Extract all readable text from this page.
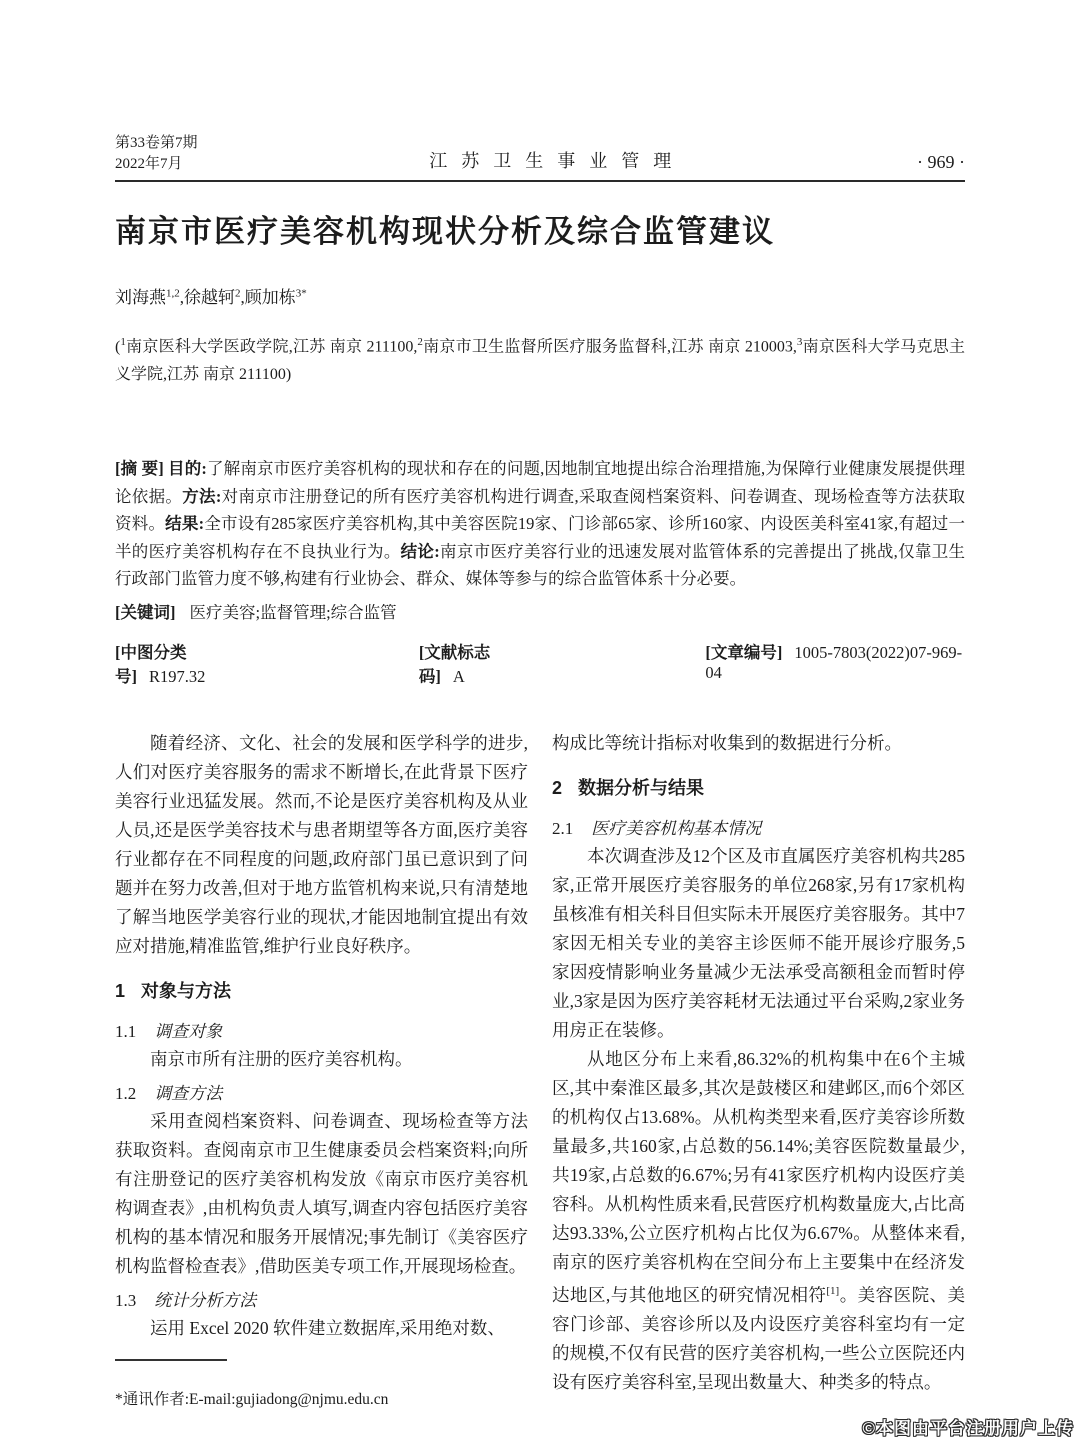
第33卷第7期
2022年7月	江苏卫生事业管理	· 969 ·
南京市医疗美容机构现状分析及综合监管建议
刘海燕$^{1,2}$,徐越轲$^2$,顾加栋$^{3*}$
($^1$南京医科大学医政学院,江苏 南京 211100,$^2$南京市卫生监督所医疗服务监督科,江苏 南京 210003,$^3$南京医科大学马克思主义学院,江苏 南京 211100)
[摘 要] 目的:了解南京市医疗美容机构的现状和存在的问题,因地制宜地提出综合治理措施,为保障行业健康发展提供理论依据。方法:对南京市注册登记的所有医疗美容机构进行调查,采取查阅档案资料、问卷调查、现场检查等方法获取资料。结果:全市设有285家医疗美容机构,其中美容医院19家、门诊部65家、诊所160家、内设医美科室41家,有超过一半的医疗美容机构存在不良执业行为。结论:南京市医疗美容行业的迅速发展对监管体系的完善提出了挑战,仅靠卫生行政部门监管力度不够,构建有行业协会、群众、媒体等参与的综合监管体系十分必要。
[关键词] 医疗美容;监督管理;综合监管
[中图分类号] R197.32
[文献标志码] A
[文章编号] 1005-7803(2022)07-969-04

随着经济、文化、社会的发展和医学科学的进步,人们对医疗美容服务的需求不断增长,在此背景下医疗美容行业迅猛发展。然而,不论是医疗美容机构及从业人员,还是医学美容技术与患者期望等各方面,医疗美容行业都存在不同程度的问题,政府部门虽已意识到了问题并在努力改善,但对于地方监管机构来说,只有清楚地了解当地医学美容行业的现状,才能因地制宜提出有效应对措施,精准监管,维护行业良好秩序。

1 对象与方法
1.1 调查对象

南京市所有注册的医疗美容机构。

1.2 调查方法

采用查阅档案资料、问卷调查、现场检查等方法获取资料。查阅南京市卫生健康委员会档案资料;向所有注册登记的医疗美容机构发放《南京市医疗美容机构调查表》,由机构负责人填写,调查内容包括医疗美容机构的基本情况和服务开展情况;事先制订《美容医疗机构监督检查表》,借助医美专项工作,开展现场检查。

1.3 统计分析方法

运用 Excel 2020 软件建立数据库,采用绝对数、

*通讯作者:E-mail:gujiadong@njmu.edu.cn

构成比等统计指标对收集到的数据进行分析。

2 数据分析与结果
2.1 医疗美容机构基本情况

本次调查涉及12个区及市直属医疗美容机构共285家,正常开展医疗美容服务的单位268家,另有17家机构虽核准有相关科目但实际未开展医疗美容服务。其中7家因无相关专业的美容主诊医师不能开展诊疗服务,5家因疫情影响业务量减少无法承受高额租金而暂时停业,3家是因为医疗美容耗材无法通过平台采购,2家业务用房正在装修。

从地区分布上来看,86.32%的机构集中在6个主城区,其中秦淮区最多,其次是鼓楼区和建邺区,而6个郊区的机构仅占13.68%。从机构类型来看,医疗美容诊所数量最多,共160家,占总数的56.14%;美容医院数量最少,共19家,占总数的6.67%;另有41家医疗机构内设医疗美容科。从机构性质来看,民营医疗机构数量庞大,占比高达93.33%,公立医疗机构占比仅为6.67%。从整体来看,南京的医疗美容机构在空间分布上主要集中在经济发达地区,与其他地区的研究情况相符[1]。美容医院、美容门诊部、美容诊所以及内设医疗美容科室均有一定的规模,不仅有民营的医疗美容机构,一些公立医院还内设有医疗美容科室,呈现出数量大、种类多的特点。

©本图由平台注册用户上传
